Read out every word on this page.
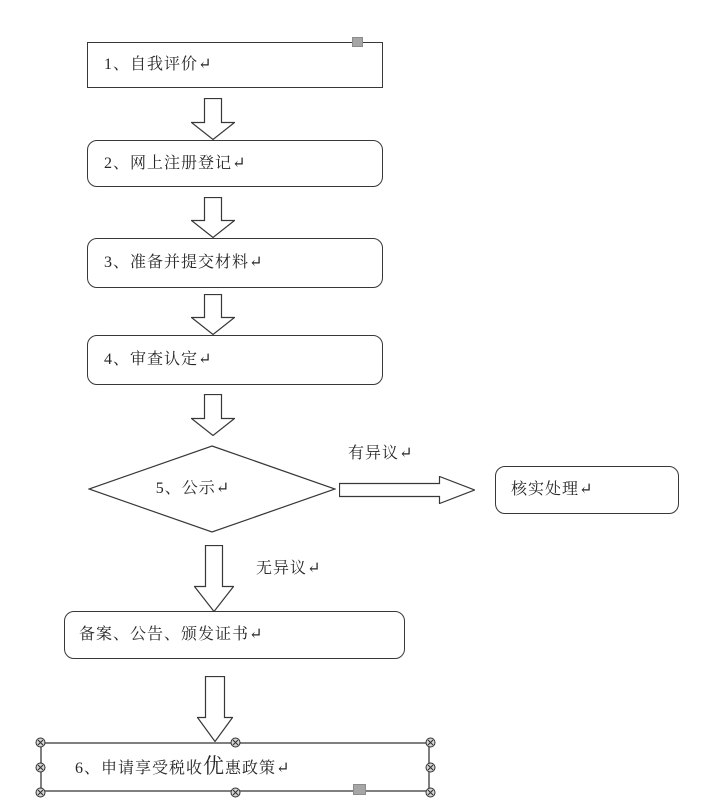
1、自我评价↵
2、网上注册登记↵
3、准备并提交材料↵
4、审查认定↵
5、公示↵
有异议↵
核实处理↵
无异议↵
备案、公告、颁发证书↵
6、申请享受税收优惠政策↵
